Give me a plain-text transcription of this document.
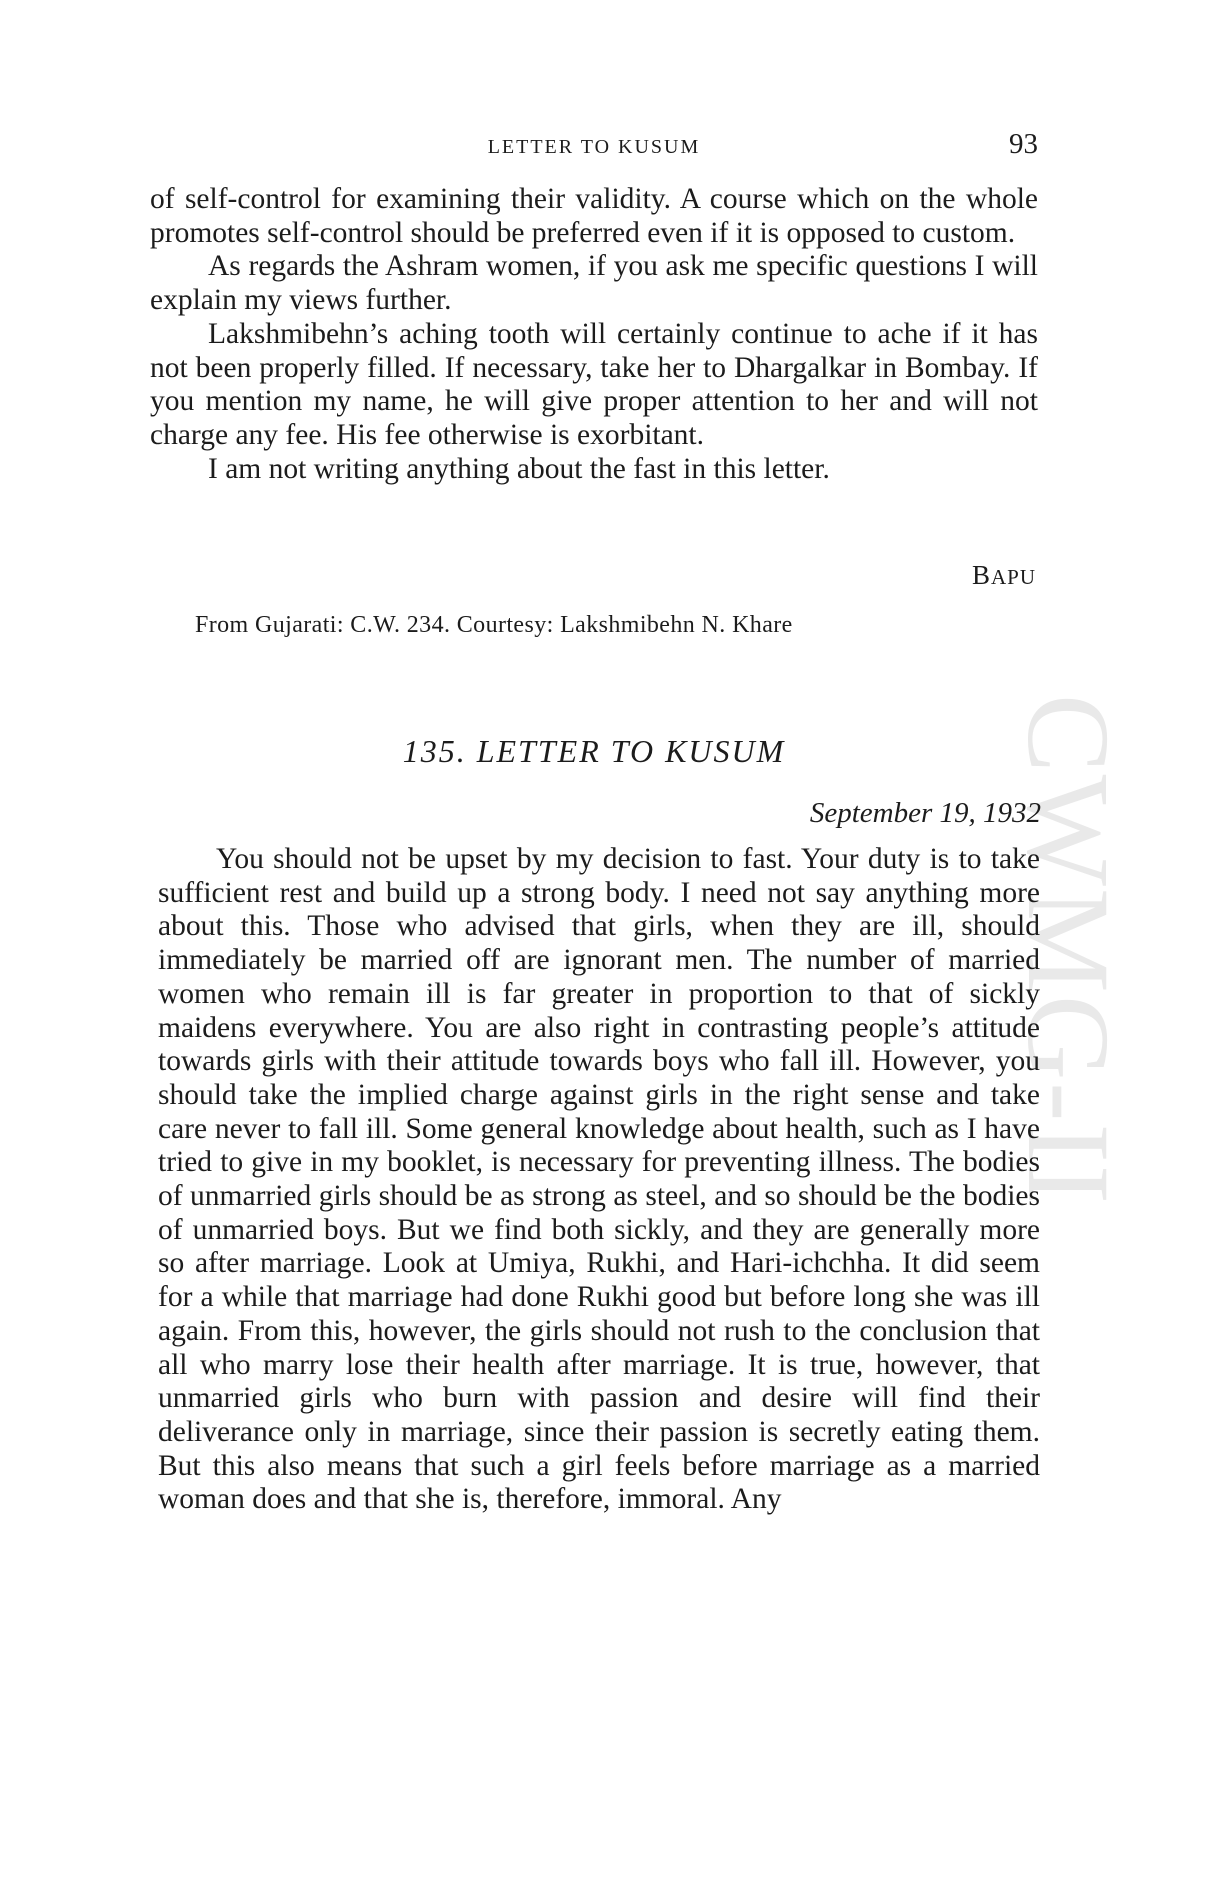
CWMG-II
LETTER TO KUSUM	93

of self-control for examining their validity. A course which on the whole promotes self-control should be preferred even if it is opposed to custom.

As regards the Ashram women, if you ask me specific questions I will explain my views further.

Lakshmibehn’s aching tooth will certainly continue to ache if it has not been properly filled. If necessary, take her to Dhargalkar in Bombay. If you mention my name, he will give proper attention to her and will not charge any fee. His fee otherwise is exorbitant.

I am not writing anything about the fast in this letter.

BAPU
From Gujarati: C.W. 234. Courtesy: Lakshmibehn N. Khare
135. LETTER TO KUSUM
September 19, 1932

You should not be upset by my decision to fast. Your duty is to take sufficient rest and build up a strong body. I need not say anything more about this. Those who advised that girls, when they are ill, should immediately be married off are ignorant men. The number of married women who remain ill is far greater in proportion to that of sickly maidens everywhere. You are also right in contrasting people’s attitude towards girls with their attitude towards boys who fall ill. However, you should take the implied charge against girls in the right sense and take care never to fall ill. Some general knowledge about health, such as I have tried to give in my booklet, is necessary for preventing illness. The bodies of unmarried girls should be as strong as steel, and so should be the bodies of unmarried boys. But we find both sickly, and they are generally more so after marriage. Look at Umiya, Rukhi, and Hari-ichchha. It did seem for a while that marriage had done Rukhi good but before long she was ill again. From this, however, the girls should not rush to the conclusion that all who marry lose their health after marriage. It is true, however, that unmarried girls who burn with passion and desire will find their deliverance only in marriage, since their passion is secretly eating them. But this also means that such a girl feels before marriage as a married woman does and that she is, therefore, immoral. Any
